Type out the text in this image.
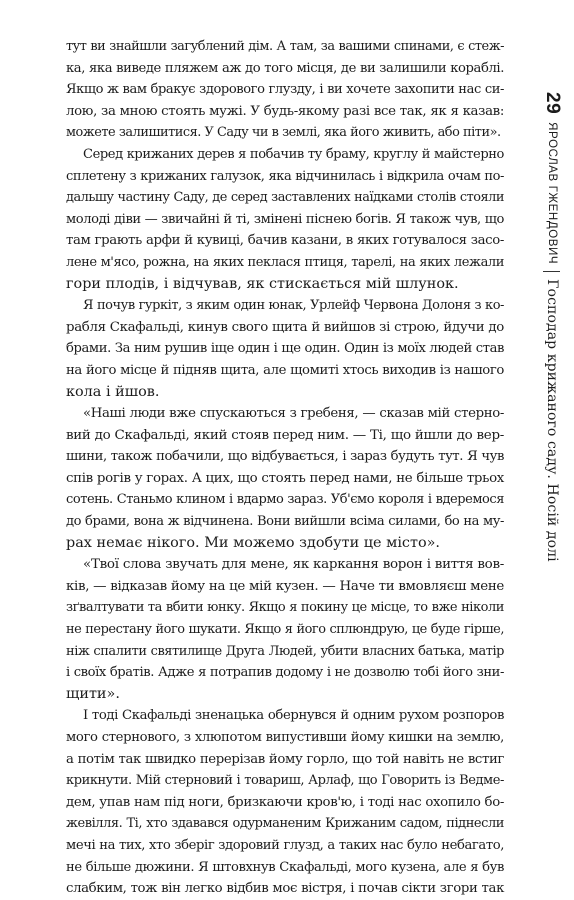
тут ви знайшли загублений дім. А там, за вашими спинами, є стеж-
ка, яка виведе пляжем аж до того місця, де ви залишили кораблі.
Якщо ж вам бракує здорового глузду, і ви хочете захопити нас си-
лою, за мною стоять мужі. У будь-якому разі все так, як я казав:
можете залишитися. У Саду чи в землі, яка його живить, або піти».
Серед крижаних дерев я побачив ту браму, круглу й майстерно
сплетену з крижаних галузок, яка відчинилась і відкрила очам по-
дальшу частину Саду, де серед заставлених наїдками столів стояли
молоді діви — звичайні й ті, змінені піснею богів. Я також чув, що
там грають арфи й кувиці, бачив казани, в яких готувалося засо-
лене м'ясо, рожна, на яких пеклася птиця, тарелі, на яких лежали
гори плодів, і відчував, як стискається мій шлунок.
Я почув гуркіт, з яким один юнак, Урлейф Червона Долоня з ко-
рабля Скафальді, кинув свого щита й вийшов зі строю, йдучи до
брами. За ним рушив іще один і ще один. Один із моїх людей став
на його місце й підняв щита, але щомиті хтось виходив із нашого
кола і йшов.
«Наші люди вже спускаються з гребеня, — сказав мій стерно-
вий до Скафальді, який стояв перед ним. — Ті, що йшли до вер-
шини, також побачили, що відбувається, і зараз будуть тут. Я чув
спів рогів у горах. А цих, що стоять перед нами, не більше трьох
сотень. Станьмо клином і вдармо зараз. Уб'ємо короля і вдеремося
до брами, вона ж відчинена. Вони вийшли всіма силами, бо на му-
рах немає нікого. Ми можемо здобути це місто».
«Твої слова звучать для мене, як каркання ворон і виття вов-
ків, — відказав йому на це мій кузен. — Наче ти вмовляєш мене
зґвалтувати та вбити юнку. Якщо я покину це місце, то вже ніколи
не перестану його шукати. Якщо я його сплюндрую, це буде гірше,
ніж спалити святилище Друга Людей, убити власних батька, матір
і своїх братів. Адже я потрапив додому і не дозволю тобі його зни-
щити».
І тоді Скафальді зненацька обернувся й одним рухом розпоров
мого стернового, з хлюпотом випустивши йому кишки на землю,
а потім так швидко перерізав йому горло, що той навіть не встиг
крикнути. Мій стерновий і товариш, Арлаф, що Говорить із Ведме-
дем, упав нам під ноги, бризкаючи кров'ю, і тоді нас охопило бо-
жевілля. Ті, хто здавався одурманеним Крижаним садом, піднесли
мечі на тих, хто зберіг здоровий глузд, а таких нас було небагато,
не більше дюжини. Я штовхнув Скафальді, мого кузена, але я був
слабким, тож він легко відбив моє вістря, і почав сікти згори так
29
ЯРОСЛАВ ГЖЕНДОВИЧ
Господар крижаного саду. Носій долі
